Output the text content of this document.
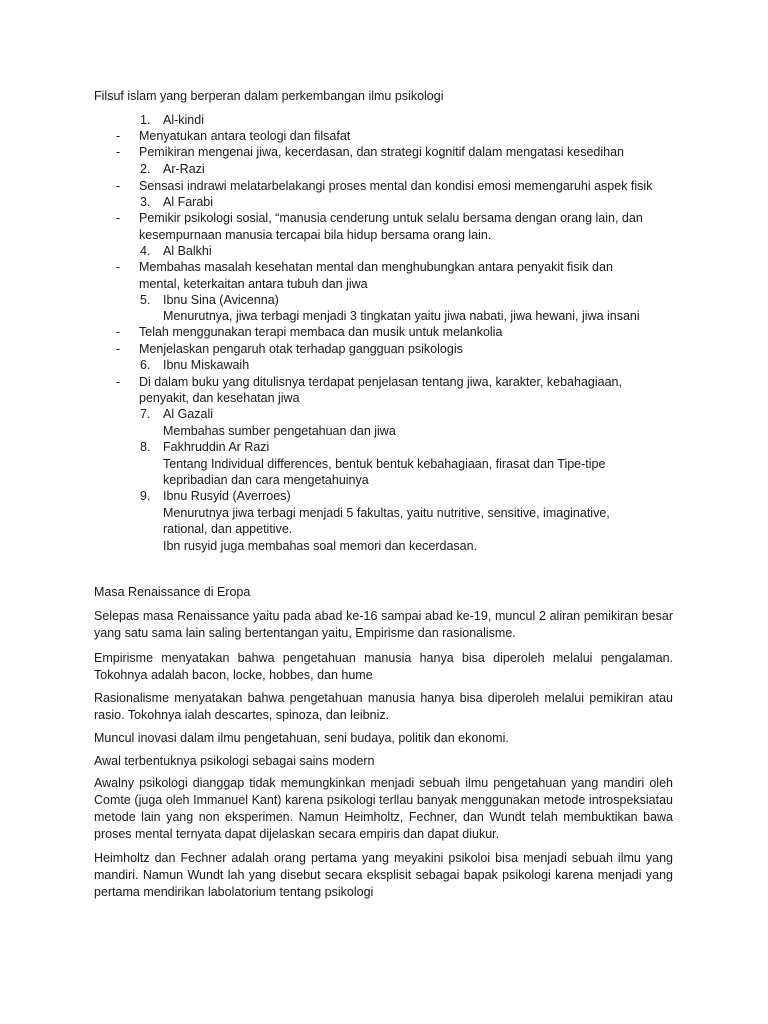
Filsuf islam yang berperan dalam perkembangan ilmu psikologi
1. Al-kindi
- Menyatukan antara teologi dan filsafat
- Pemikiran mengenai jiwa, kecerdasan, dan strategi kognitif dalam mengatasi kesedihan
2. Ar-Razi
- Sensasi indrawi melatarbelakangi proses mental dan kondisi emosi memengaruhi aspek fisik
3. Al Farabi
- Pemikir psikologi sosial, “manusia cenderung untuk selalu bersama dengan orang lain, dan
kesempurnaan manusia tercapai bila hidup bersama orang lain.
4. Al Balkhi
- Membahas masalah kesehatan mental dan menghubungkan antara penyakit fisik dan
mental, keterkaitan antara tubuh dan jiwa
5. Ibnu Sina (Avicenna)
Menurutnya, jiwa terbagi menjadi 3 tingkatan yaitu jiwa nabati, jiwa hewani, jiwa insani
- Telah menggunakan terapi membaca dan musik untuk melankolia
- Menjelaskan pengaruh otak terhadap gangguan psikologis
6. Ibnu Miskawaih
- Di dalam buku yang ditulisnya terdapat penjelasan tentang jiwa, karakter, kebahagiaan,
penyakit, dan kesehatan jiwa
7. Al Gazali
Membahas sumber pengetahuan dan jiwa
8. Fakhruddin Ar Razi
Tentang Individual differences, bentuk bentuk kebahagiaan, firasat dan Tipe-tipe
kepribadian dan cara mengetahuinya
9. Ibnu Rusyid (Averroes)
Menurutnya jiwa terbagi menjadi 5 fakultas, yaitu nutritive, sensitive, imaginative,
rational, dan appetitive.
Ibn rusyid juga membahas soal memori dan kecerdasan.
Masa Renaissance di Eropa
Selepas masa Renaissance yaitu pada abad ke-16 sampai abad ke-19, muncul 2 aliran pemikiran besar yang satu sama lain saling bertentangan yaitu, Empirisme dan rasionalisme.
Empirisme menyatakan bahwa pengetahuan manusia hanya bisa diperoleh melalui pengalaman. Tokohnya adalah bacon, locke, hobbes, dan hume
Rasionalisme menyatakan bahwa pengetahuan manusia hanya bisa diperoleh melalui pemikiran atau rasio. Tokohnya ialah descartes, spinoza, dan leibniz.
Muncul inovasi dalam ilmu pengetahuan, seni budaya, politik dan ekonomi.
Awal terbentuknya psikologi sebagai sains modern
Awalny psikologi dianggap tidak memungkinkan menjadi sebuah ilmu pengetahuan yang mandiri oleh Comte (juga oleh Immanuel Kant) karena psikologi terllau banyak menggunakan metode introspeksiatau metode lain yang non eksperimen. Namun Heimholtz, Fechner, dan Wundt telah membuktikan bawa proses mental ternyata dapat dijelaskan secara empiris dan dapat diukur.
Heimholtz dan Fechner adalah orang pertama yang meyakini psikoloi bisa menjadi sebuah ilmu yang mandiri. Namun Wundt lah yang disebut secara eksplisit sebagai bapak psikologi karena menjadi yang pertama mendirikan labolatorium tentang psikologi
